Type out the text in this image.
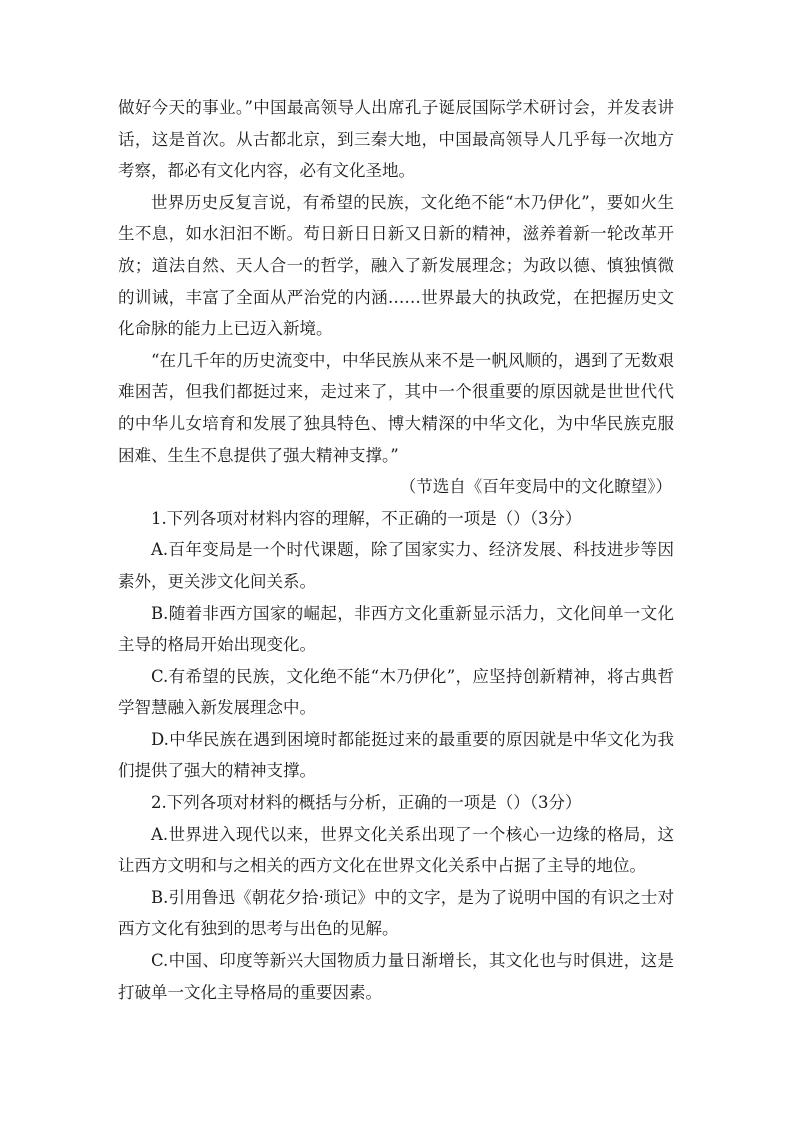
做好今天的事业。”中国最高领导人出席孔子诞辰国际学术研讨会，并发表讲话，这是首次。从古都北京，到三秦大地，中国最高领导人几乎每一次地方考察，都必有文化内容，必有文化圣地。

世界历史反复言说，有希望的民族，文化绝不能“木乃伊化”，要如火生生不息，如水汩汩不断。苟日新日日新又日新的精神，滋养着新一轮改革开放；道法自然、天人合一的哲学，融入了新发展理念；为政以德、慎独慎微的训诫，丰富了全面从严治党的内涵……世界最大的执政党，在把握历史文化命脉的能力上已迈入新境。

“在几千年的历史流变中，中华民族从来不是一帆风顺的，遇到了无数艰难困苦，但我们都挺过来，走过来了，其中一个很重要的原因就是世世代代的中华儿女培育和发展了独具特色、博大精深的中华文化，为中华民族克服困难、生生不息提供了强大精神支撑。”

（节选自《百年变局中的文化瞭望》）

1.下列各项对材料内容的理解，不正确的一项是（）（3分）

A.百年变局是一个时代课题，除了国家实力、经济发展、科技进步等因素外，更关涉文化间关系。

B.随着非西方国家的崛起，非西方文化重新显示活力，文化间单一文化主导的格局开始出现变化。

C.有希望的民族，文化绝不能“木乃伊化”，应坚持创新精神，将古典哲学智慧融入新发展理念中。

D.中华民族在遇到困境时都能挺过来的最重要的原因就是中华文化为我们提供了强大的精神支撑。

2.下列各项对材料的概括与分析，正确的一项是（）（3分）

A.世界进入现代以来，世界文化关系出现了一个核心一边缘的格局，这让西方文明和与之相关的西方文化在世界文化关系中占据了主导的地位。

B.引用鲁迅《朝花夕拾·琐记》中的文字，是为了说明中国的有识之士对西方文化有独到的思考与出色的见解。

C.中国、印度等新兴大国物质力量日渐增长，其文化也与时俱进，这是打破单一文化主导格局的重要因素。
